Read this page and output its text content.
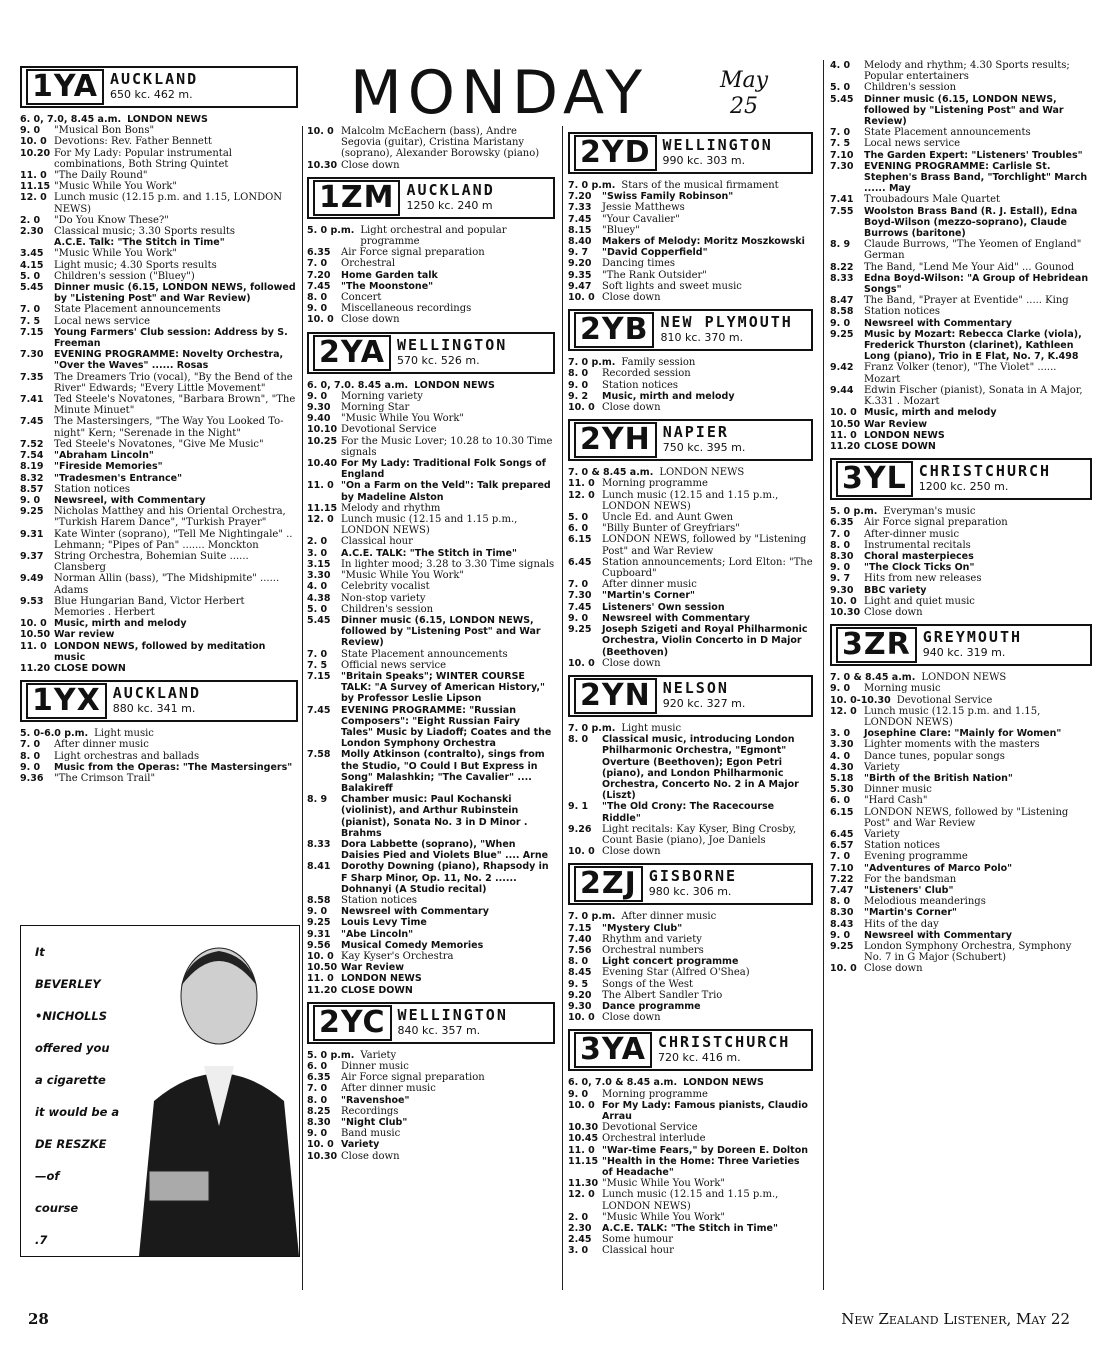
MONDAY	May
25
1YA AUCKLAND
650 kc. 462 m.
6. 0, 7.0, 8.45 a.m. LONDON NEWS
9. 0	"Musical Bon Bons"
10. 0 Devotions: Rev. Father Bennett
10.20 For My Lady: Popular instrumental combinations, Both String Quintet
11. 0 "The Daily Round"
11.15 "Music While You Work"
12. 0 Lunch music (12.15 p.m. and 1.15, LONDON NEWS)
2. 0	"Do You Know These?"
2.30	Classical music; 3.30 Sports results
A.C.E. Talk: "The Stitch in Time"
3.45	"Music While You Work"
4.15	Light music; 4.30 Sports results
5. 0	Children's session ("Bluey")
5.45	Dinner music (6.15, LONDON NEWS, followed by "Listening Post" and War Review)
7. 0	State Placement announcements
7. 5	Local news service
7.15	Young Farmers' Club session: Address by S. Freeman
7.30	EVENING PROGRAMME: Novelty Orchestra, "Over the Waves" ...... Rosas
7.35	The Dreamers Trio (vocal), "By the Bend of the River" Edwards; "Every Little Movement"
7.41	Ted Steele's Novatones, "Barbara Brown", "The Minute Minuet"
7.45	The Mastersingers, "The Way You Looked To-night" Kern; "Serenade in the Night"
7.52	Ted Steele's Novatones, "Give Me Music"
7.54	"Abraham Lincoln"
8.19	"Fireside Memories"
8.32	"Tradesmen's Entrance"
8.57	Station notices
9. 0	Newsreel, with Commentary
9.25	Nicholas Matthey and his Oriental Orchestra, "Turkish Harem Dance", "Turkish Prayer"
9.31	Kate Winter (soprano), "Tell Me Nightingale" .. Lehmann; "Pipes of Pan" ....... Monckton
9.37	String Orchestra, Bohemian Suite ...... Clansberg
9.49	Norman Allin (bass), "The Midshipmite" ...... Adams
9.53	Blue Hungarian Band, Victor Herbert Memories . Herbert
10. 0 Music, mirth and melody
10.50 War review
11. 0 LONDON NEWS, followed by meditation music
11.20 CLOSE DOWN
1YX AUCKLAND
880 kc. 341 m.
5. 0-6.0 p.m. Light music
7. 0	After dinner music
8. 0	Light orchestras and ballads
9. 0	Music from the Operas: "The Mastersingers"
9.36	"The Crimson Trail"
It
BEVERLEY
•NICHOLLS
offered you
a cigarette
it would be a
DE RESZKE
—of
course
.7
10. 0 Malcolm McEachern (bass), Andre Segovia (guitar), Cristina Maristany (soprano), Alexander Borowsky (piano)
10.30 Close down
1ZM AUCKLAND
1250 kc. 240 m
5. 0 p.m. Light orchestral and popular programme
6.35	Air Force signal preparation
7. 0	Orchestral
7.20	Home Garden talk
7.45	"The Moonstone"
8. 0	Concert
9. 0	Miscellaneous recordings
10. 0 Close down
2YA WELLINGTON
570 kc. 526 m.
6. 0, 7.0. 8.45 a.m. LONDON NEWS
9. 0	Morning variety
9.30	Morning Star
9.40	"Music While You Work"
10.10 Devotional Service
10.25 For the Music Lover; 10.28 to 10.30 Time signals
10.40 For My Lady: Traditional Folk Songs of England
11. 0 "On a Farm on the Veld": Talk prepared by Madeline Alston
11.15 Melody and rhythm
12. 0 Lunch music (12.15 and 1.15 p.m., LONDON NEWS)
2. 0	Classical hour
3. 0	A.C.E. TALK: "The Stitch in Time"
3.15	In lighter mood; 3.28 to 3.30 Time signals
3.30	"Music While You Work"
4. 0	Celebrity vocalist
4.38	Non-stop variety
5. 0	Children's session
5.45	Dinner music (6.15, LONDON NEWS, followed by "Listening Post" and War Review)
7. 0	State Placement announcements
7. 5	Official news service
7.15	"Britain Speaks"; WINTER COURSE TALK: "A Survey of American History," by Professor Leslie Lipson
7.45	EVENING PROGRAMME: "Russian Composers": "Eight Russian Fairy Tales" Music by Liadoff; Coates and the London Symphony Orchestra
7.58	Molly Atkinson (contralto), sings from the Studio, "O Could I But Express in Song" Malashkin; "The Cavalier" .... Balakireff
8. 9	Chamber music: Paul Kochanski (violinist), and Arthur Rubinstein (pianist), Sonata No. 3 in D Minor . Brahms
8.33	Dora Labbette (soprano), "When Daisies Pied and Violets Blue" .... Arne
8.41	Dorothy Downing (piano), Rhapsody in F Sharp Minor, Op. 11, No. 2 ...... Dohnanyi (A Studio recital)
8.58	Station notices
9. 0	Newsreel with Commentary
9.25	Louis Levy Time
9.31	"Abe Lincoln"
9.56	Musical Comedy Memories
10. 0 Kay Kyser's Orchestra
10.50 War Review
11. 0 LONDON NEWS
11.20 CLOSE DOWN
2YC WELLINGTON
840 kc. 357 m.
5. 0 p.m. Variety
6. 0	Dinner music
6.35	Air Force signal preparation
7. 0	After dinner music
8. 0	"Ravenshoe"
8.25	Recordings
8.30	"Night Club"
9. 0	Band music
10. 0 Variety
10.30 Close down
2YD WELLINGTON
990 kc. 303 m.
7. 0 p.m. Stars of the musical firmament
7.20	"Swiss Family Robinson"
7.33	Jessie Matthews
7.45	"Your Cavalier"
8.15	"Bluey"
8.40	Makers of Melody: Moritz Moszkowski
9. 7	"David Copperfield"
9.20	Dancing times
9.35	"The Rank Outsider"
9.47	Soft lights and sweet music
10. 0 Close down
2YB NEW PLYMOUTH
810 kc. 370 m.
7. 0 p.m. Family session
8. 0	Recorded session
9. 0	Station notices
9. 2	Music, mirth and melody
10. 0 Close down
2YH NAPIER
750 kc. 395 m.
7. 0 & 8.45 a.m. LONDON NEWS
11. 0 Morning programme
12. 0 Lunch music (12.15 and 1.15 p.m., LONDON NEWS)
5. 0	Uncle Ed. and Aunt Gwen
6. 0	"Billy Bunter of Greyfriars"
6.15	LONDON NEWS, followed by "Listening Post" and War Review
6.45	Station announcements; Lord Elton: "The Cupboard"
7. 0	After dinner music
7.30	"Martin's Corner"
7.45	Listeners' Own session
9. 0	Newsreel with Commentary
9.25	Joseph Szigeti and Royal Philharmonic Orchestra, Violin Concerto in D Major (Beethoven)
10. 0 Close down
2YN NELSON
920 kc. 327 m.
7. 0 p.m. Light music
8. 0	Classical music, introducing London Philharmonic Orchestra, "Egmont" Overture (Beethoven); Egon Petri (piano), and London Philharmonic Orchestra, Concerto No. 2 in A Major (Liszt)
9. 1	"The Old Crony: The Racecourse Riddle"
9.26	Light recitals: Kay Kyser, Bing Crosby, Count Basie (piano), Joe Daniels
10. 0 Close down
2ZJ GISBORNE
980 kc. 306 m.
7. 0 p.m. After dinner music
7.15	"Mystery Club"
7.40	Rhythm and variety
7.56	Orchestral numbers
8. 0	Light concert programme
8.45	Evening Star (Alfred O'Shea)
9. 5	Songs of the West
9.20	The Albert Sandler Trio
9.30	Dance programme
10. 0 Close down
3YA CHRISTCHURCH
720 kc. 416 m.
6. 0, 7.0 & 8.45 a.m. LONDON NEWS
9. 0	Morning programme
10. 0 For My Lady: Famous pianists, Claudio Arrau
10.30 Devotional Service
10.45 Orchestral interlude
11. 0 "War-time Fears," by Doreen E. Dolton
11.15 "Health in the Home: Three Varieties of Headache"
11.30 "Music While You Work"
12. 0 Lunch music (12.15 and 1.15 p.m., LONDON NEWS)
2. 0	"Music While You Work"
2.30	A.C.E. TALK: "The Stitch in Time"
2.45	Some humour
3. 0	Classical hour
4. 0	Melody and rhythm; 4.30 Sports results; Popular entertainers
5. 0	Children's session
5.45	Dinner music (6.15, LONDON NEWS, followed by "Listening Post" and War Review)
7. 0	State Placement announcements
7. 5	Local news service
7.10	The Garden Expert: "Listeners' Troubles"
7.30	EVENING PROGRAMME: Carlisle St. Stephen's Brass Band, "Torchlight" March ...... May
7.41	Troubadours Male Quartet
7.55	Woolston Brass Band (R. J. Estall), Edna Boyd-Wilson (mezzo-soprano), Claude Burrows (baritone)
8. 9	Claude Burrows, "The Yeomen of England" German
8.22	The Band, "Lend Me Your Aid" ... Gounod
8.33	Edna Boyd-Wilson: "A Group of Hebridean Songs"
8.47	The Band, "Prayer at Eventide" ..... King
8.58	Station notices
9. 0	Newsreel with Commentary
9.25	Music by Mozart: Rebecca Clarke (viola), Frederick Thurston (clarinet), Kathleen Long (piano), Trio in E Flat, No. 7, K.498
9.42	Franz Volker (tenor), "The Violet" ...... Mozart
9.44	Edwin Fischer (pianist), Sonata in A Major, K.331 . Mozart
10. 0 Music, mirth and melody
10.50 War Review
11. 0 LONDON NEWS
11.20 CLOSE DOWN
3YL CHRISTCHURCH
1200 kc. 250 m.
5. 0 p.m. Everyman's music
6.35	Air Force signal preparation
7. 0	After-dinner music
8. 0	Instrumental recitals
8.30	Choral masterpieces
9. 0	"The Clock Ticks On"
9. 7	Hits from new releases
9.30	BBC variety
10. 0 Light and quiet music
10.30 Close down
3ZR GREYMOUTH
940 kc. 319 m.
7. 0 & 8.45 a.m. LONDON NEWS
9. 0	Morning music
10. 0-10.30 Devotional Service
12. 0 Lunch music (12.15 p.m. and 1.15, LONDON NEWS)
3. 0	Josephine Clare: "Mainly for Women"
3.30	Lighter moments with the masters
4. 0	Dance tunes, popular songs
4.30	Variety
5.18	"Birth of the British Nation"
5.30	Dinner music
6. 0	"Hard Cash"
6.15	LONDON NEWS, followed by "Listening Post" and War Review
6.45	Variety
6.57	Station notices
7. 0	Evening programme
7.10	"Adventures of Marco Polo"
7.22	For the bandsman
7.47	"Listeners' Club"
8. 0	Melodious meanderings
8.30	"Martin's Corner"
8.43	Hits of the day
9. 0	Newsreel with Commentary
9.25	London Symphony Orchestra, Symphony No. 7 in G Major (Schubert)
10. 0 Close down
28	New Zealand Listener, May 22
